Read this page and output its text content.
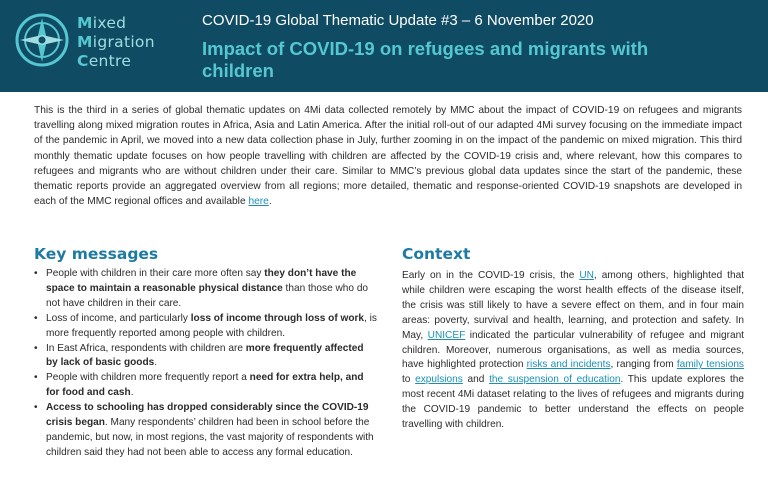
Mixed
Migration
Centre
COVID-19 Global Thematic Update #3 – 6 November 2020
Impact of COVID-19 on refugees and migrants with children
This is the third in a series of global thematic updates on 4Mi data collected remotely by MMC about the impact of COVID-19 on refugees and migrants travelling along mixed migration routes in Africa, Asia and Latin America. After the initial roll-out of our adapted 4Mi survey focusing on the immediate impact of the pandemic in April, we moved into a new data collection phase in July, further zooming in on the impact of the pandemic on mixed migration. This third monthly thematic update focuses on how people travelling with children are affected by the COVID-19 crisis and, where relevant, how this compares to refugees and migrants who are without children under their care. Similar to MMC’s previous global data updates since the start of the pandemic, these thematic reports provide an aggregated overview from all regions; more detailed, thematic and response-oriented COVID-19 snapshots are developed in each of the MMC regional offices and available here.
Key messages
• People with children in their care more often say they don’t have the space to maintain a reasonable physical distance than those who do not have children in their care.
• Loss of income, and particularly loss of income through loss of work, is more frequently reported among people with children.
• In East Africa, respondents with children are more frequently affected by lack of basic goods.
• People with children more frequently report a need for extra help, and for food and cash.
• Access to schooling has dropped considerably since the COVID-19 crisis began. Many respondents’ children had been in school before the pandemic, but now, in most regions, the vast majority of respondents with children said they had not been able to access any formal education.
Context
Early on in the COVID-19 crisis, the UN, among others, highlighted that while children were escaping the worst health effects of the disease itself, the crisis was still likely to have a severe effect on them, and in four main areas: poverty, survival and health, learning, and protection and safety. In May, UNICEF indicated the particular vulnerability of refugee and migrant children. Moreover, numerous organisations, as well as media sources, have highlighted protection risks and incidents, ranging from family tensions to expulsions and the suspension of education. This update explores the most recent 4Mi dataset relating to the lives of refugees and migrants during the COVID-19 pandemic to better understand the effects on people travelling with children.
